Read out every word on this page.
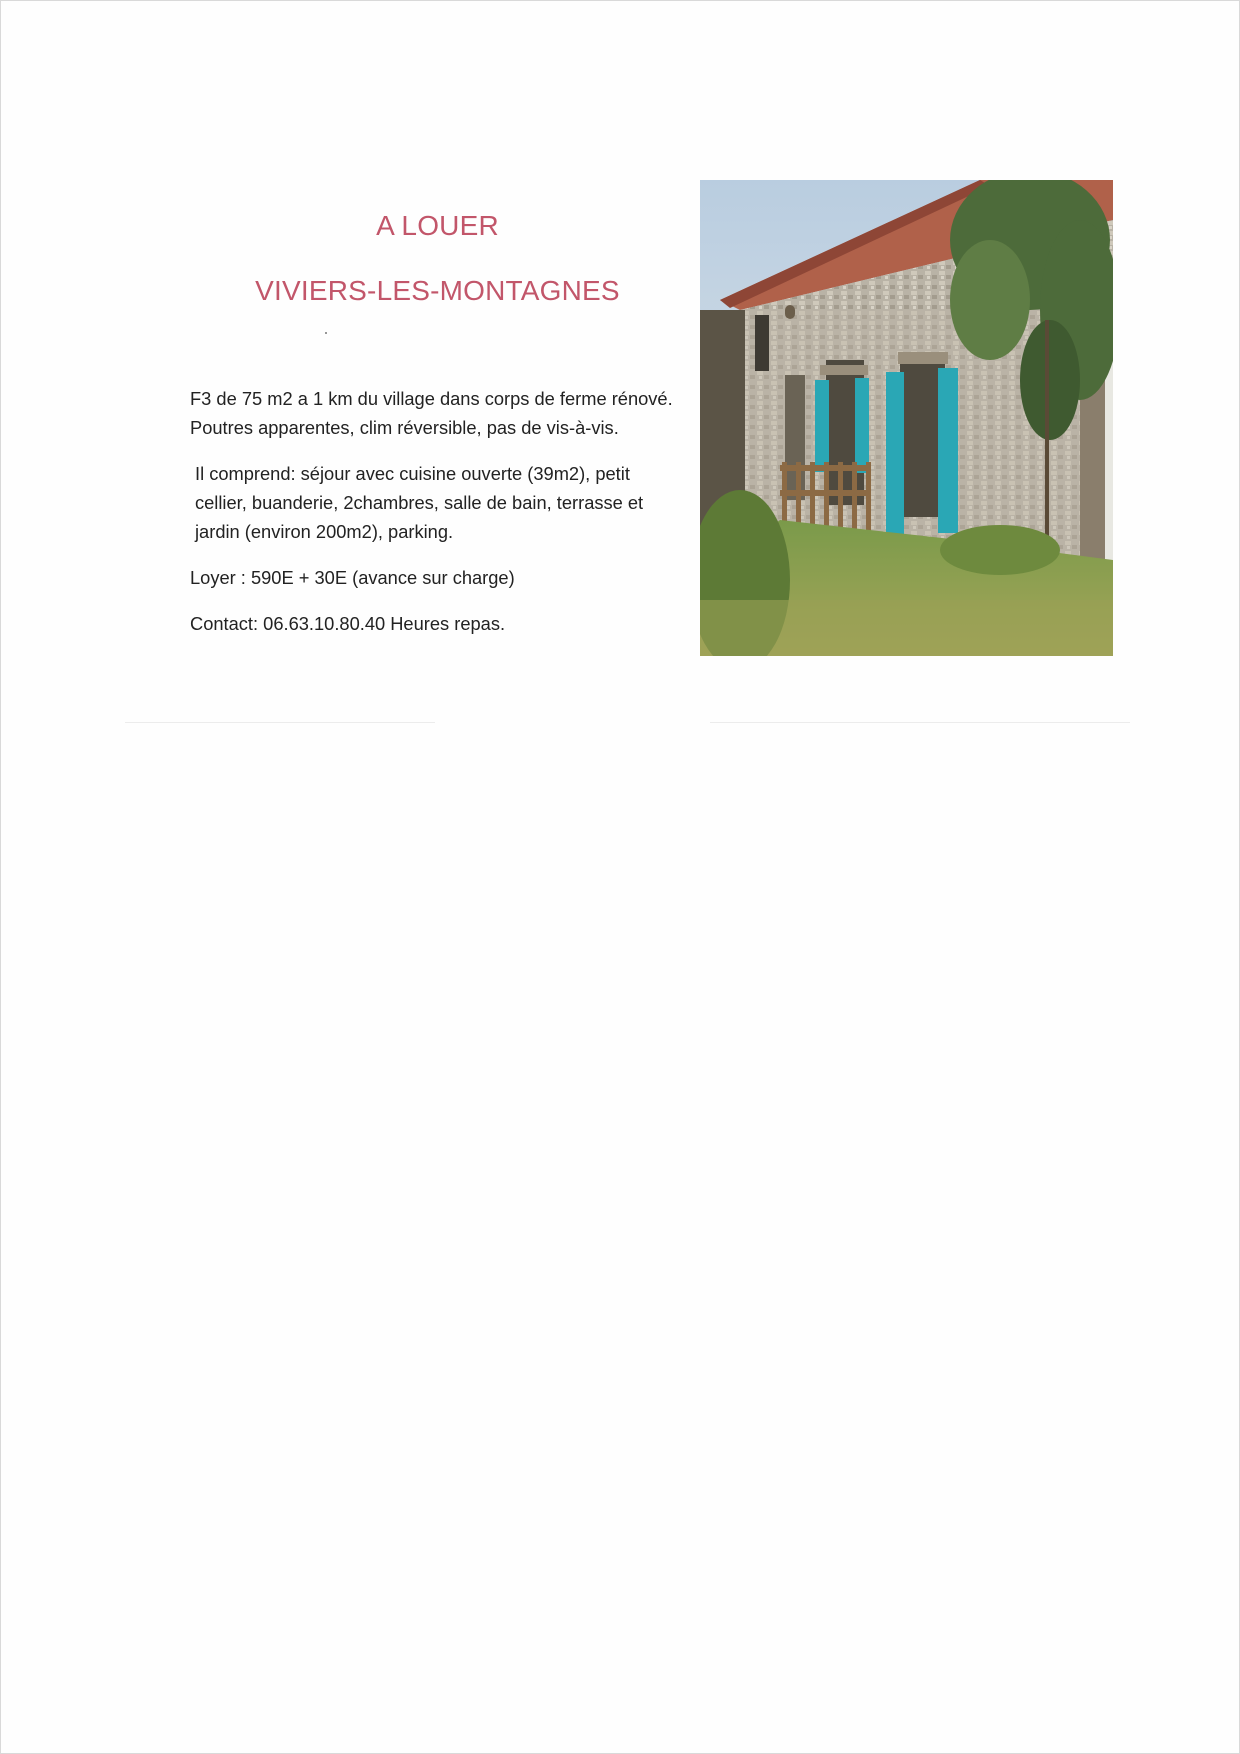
A LOUER
VIVIERS-LES-MONTAGNES

F3 de 75 m2 a 1 km du village dans corps de ferme rénové. Poutres apparentes, clim réversible, pas de vis-à-vis.

Il comprend: séjour avec cuisine ouverte (39m2), petit cellier, buanderie, 2chambres, salle de bain, terrasse et jardin (environ 200m2), parking.

Loyer : 590E + 30E (avance sur charge)

Contact: 06.63.10.80.40 Heures repas.
